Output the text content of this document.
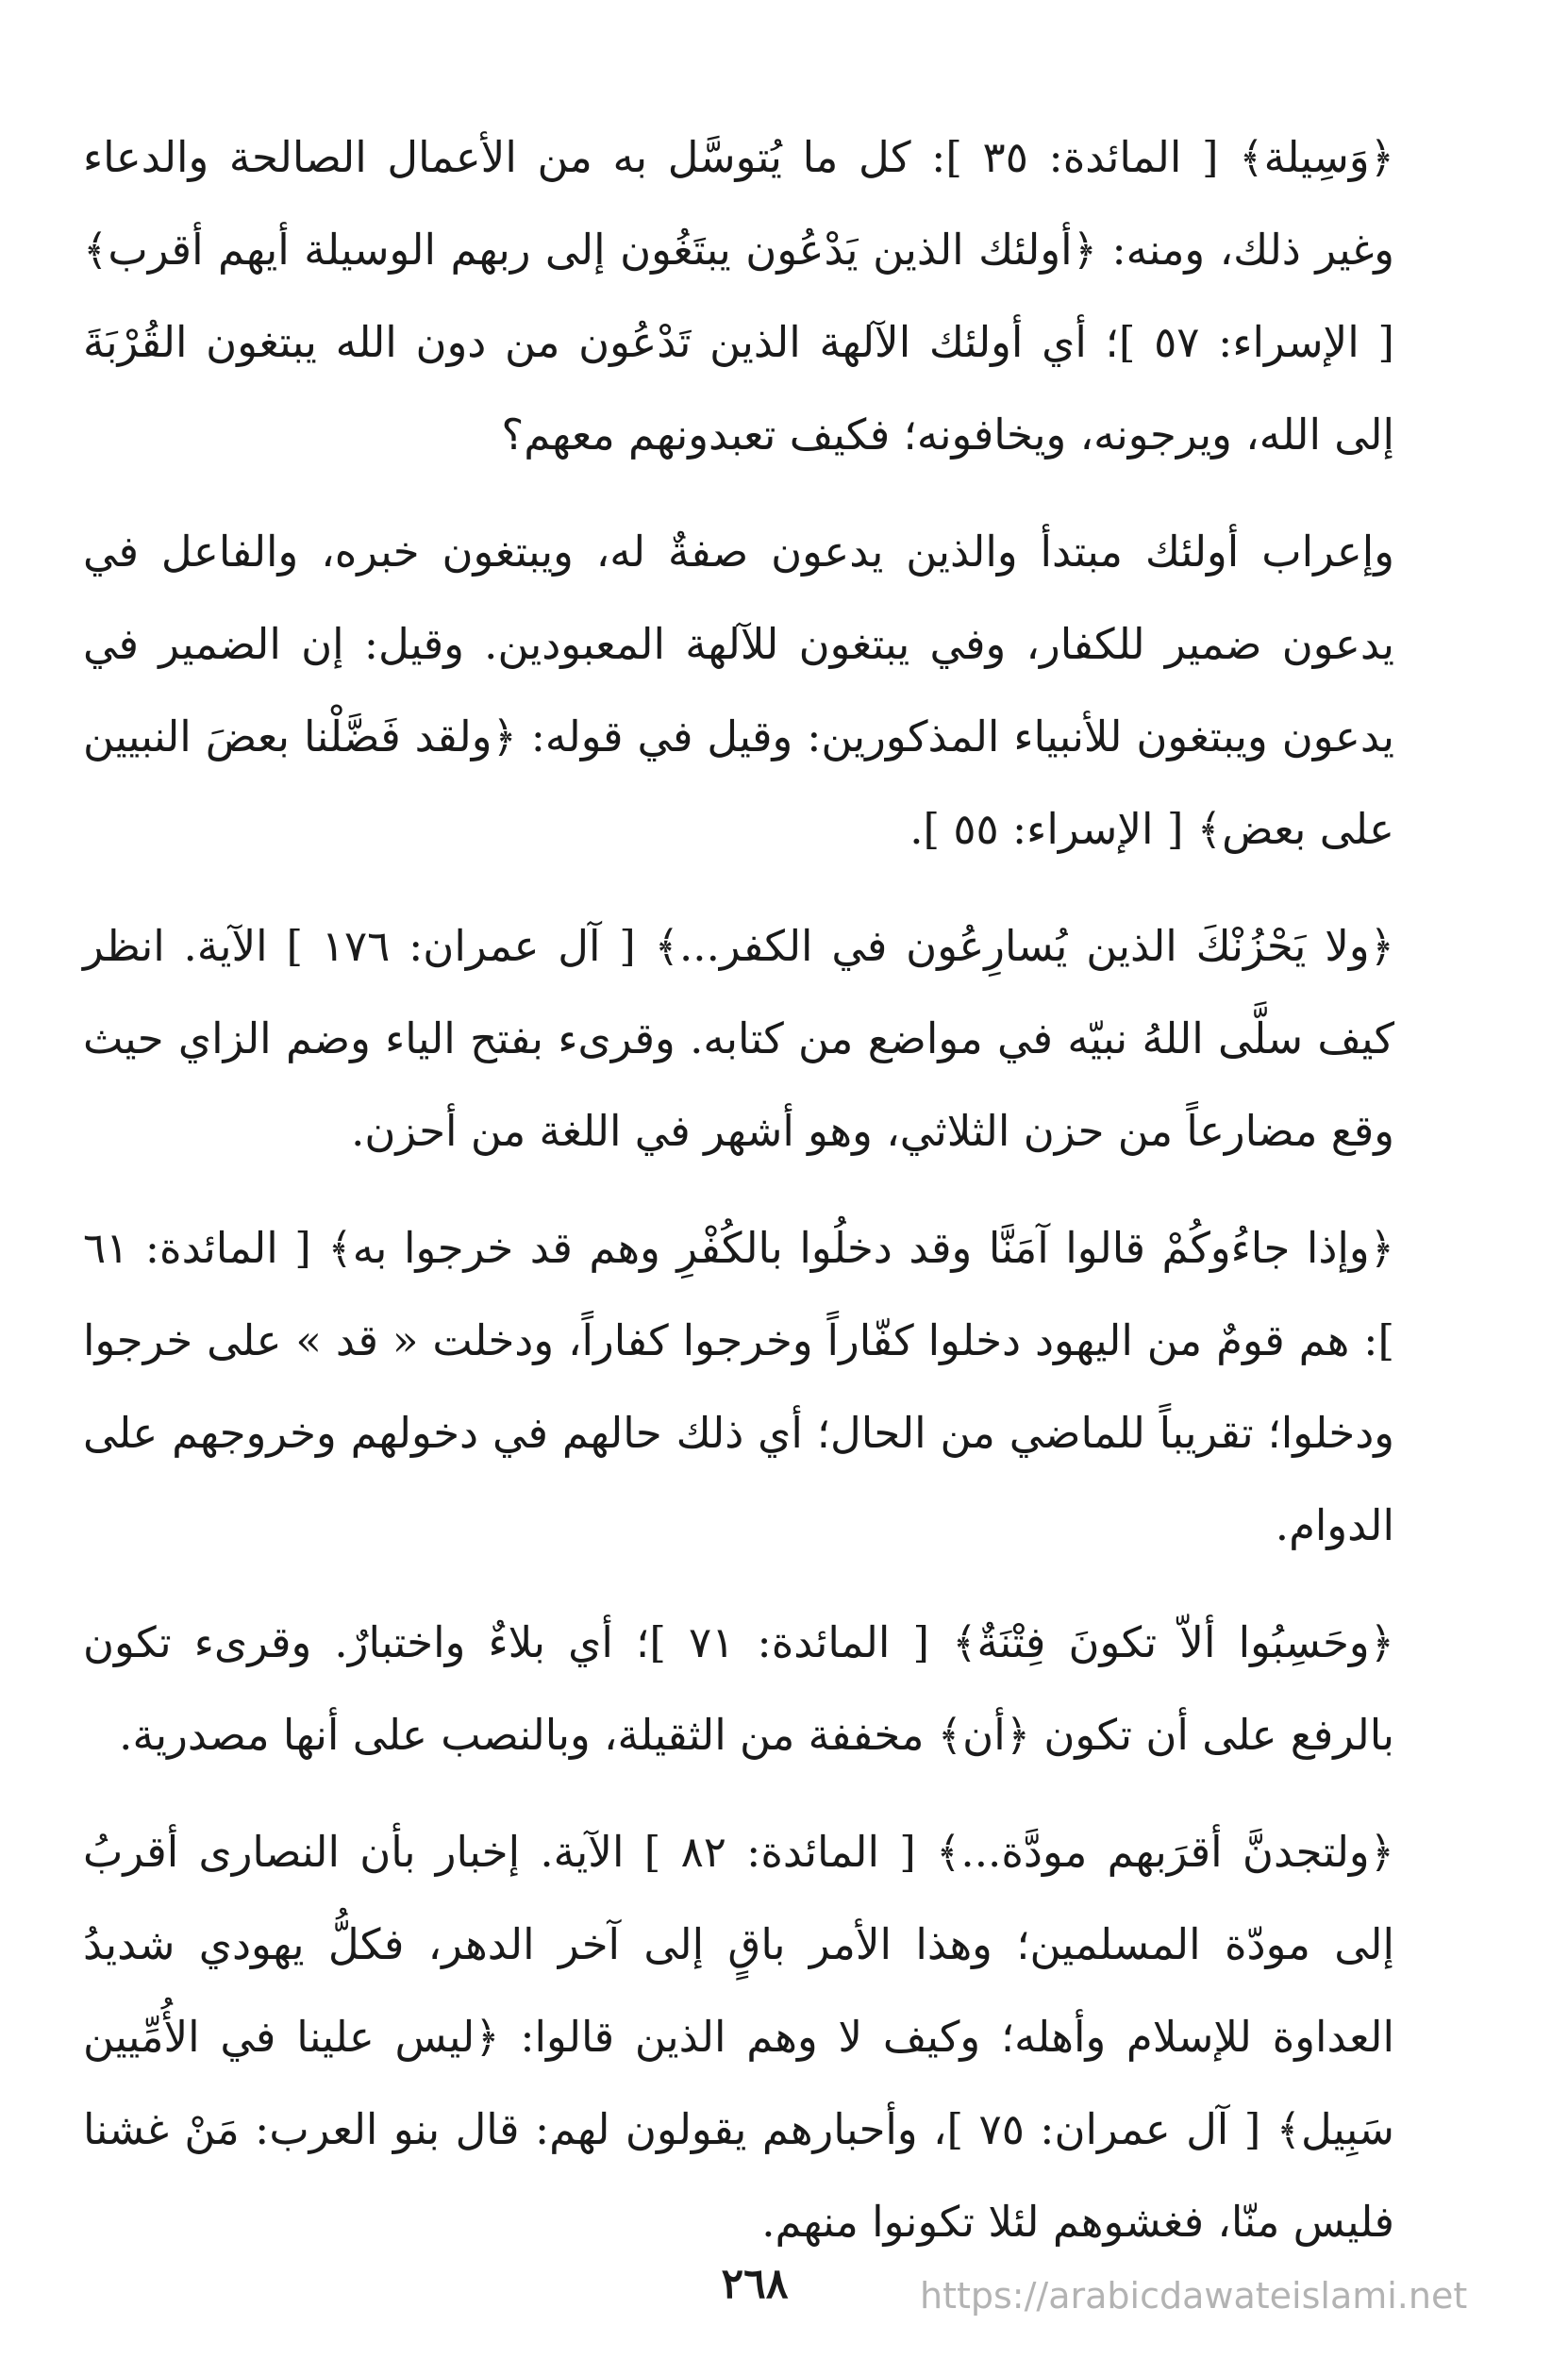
﴿وَسِيلة﴾ [ المائدة: ٣٥ ]: كل ما يُتوسَّل به من الأعمال الصالحة والدعاء وغير ذلك، ومنه: ﴿أولئك الذين يَدْعُون يبتَغُون إلى ربهم الوسيلة أيهم أقرب﴾ [ الإسراء: ٥٧ ]؛ أي أولئك الآلهة الذين تَدْعُون من دون الله يبتغون القُرْبَةَ إلى الله، ويرجونه، ويخافونه؛ فكيف تعبدونهم معهم؟

وإعراب أولئك مبتدأ والذين يدعون صفةٌ له، ويبتغون خبره، والفاعل في يدعون ضمير للكفار، وفي يبتغون للآلهة المعبودين. وقيل: إن الضمير في يدعون ويبتغون للأنبياء المذكورين: وقيل في قوله: ﴿ولقد فَضَّلْنا بعضَ النبيين على بعض﴾ [ الإسراء: ٥٥ ].

﴿ولا يَحْزُنْكَ الذين يُسارِعُون في الكفر...﴾ [ آل عمران: ١٧٦ ] الآية. انظر كيف سلَّى اللهُ نبيّه في مواضع من كتابه. وقرىء بفتح الياء وضم الزاي حيث وقع مضارعاً من حزن الثلاثي، وهو أشهر في اللغة من أحزن.

﴿وإذا جاءُوكُمْ قالوا آمَنَّا وقد دخلُوا بالكُفْرِ وهم قد خرجوا به﴾ [ المائدة: ٦١ ]: هم قومٌ من اليهود دخلوا كفّاراً وخرجوا كفاراً، ودخلت « قد » على خرجوا ودخلوا؛ تقريباً للماضي من الحال؛ أي ذلك حالهم في دخولهم وخروجهم على الدوام.

﴿وحَسِبُوا ألاّ تكونَ فِتْنَةٌ﴾ [ المائدة: ٧١ ]؛ أي بلاءٌ واختبارٌ. وقرىء تكون بالرفع على أن تكون ﴿أن﴾ مخففة من الثقيلة، وبالنصب على أنها مصدرية.

﴿ولتجدنَّ أقرَبهم مودَّة...﴾ [ المائدة: ٨٢ ] الآية. إخبار بأن النصارى أقربُ إلى مودّة المسلمين؛ وهذا الأمر باقٍ إلى آخر الدهر، فكلُّ يهودي شديدُ العداوة للإسلام وأهله؛ وكيف لا وهم الذين قالوا: ﴿ليس علينا في الأُمِّيين سَبِيل﴾ [ آل عمران: ٧٥ ]، وأحبارهم يقولون لهم: قال بنو العرب: مَنْ غشنا فليس منّا، فغشوهم لئلا تكونوا منهم.

٢٦٨	https://arabicdawateislami.net
